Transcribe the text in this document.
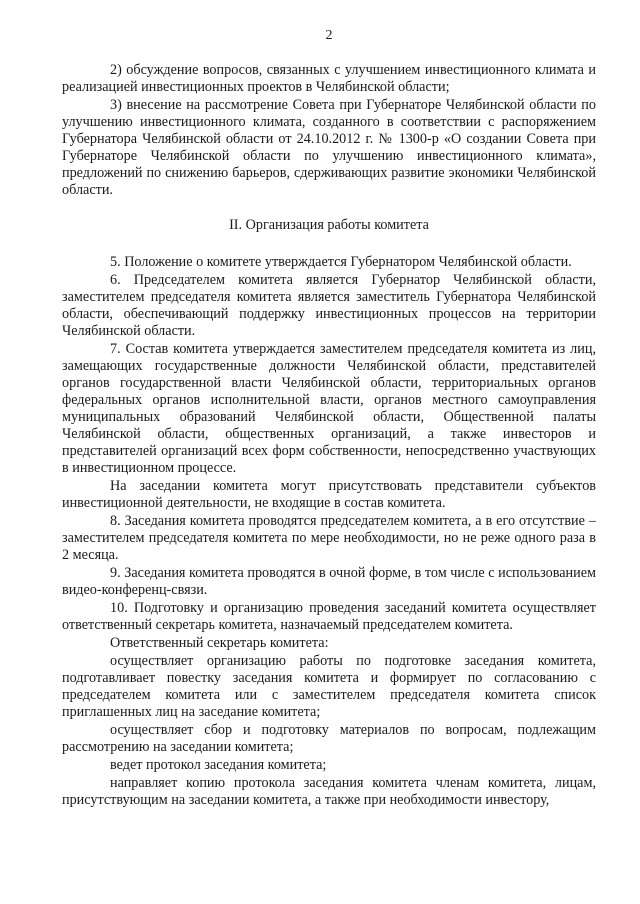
2

2) обсуждение вопросов, связанных с улучшением инвестиционного климата и реализацией инвестиционных проектов в Челябинской области;

3) внесение на рассмотрение Совета при Губернаторе Челябинской области по улучшению инвестиционного климата, созданного в соответствии с распоряжением Губернатора Челябинской области от 24.10.2012 г. № 1300-р «О создании Совета при Губернаторе Челябинской области по улучшению инвестиционного климата», предложений по снижению барьеров, сдерживающих развитие экономики Челябинской области.

II. Организация работы комитета

5. Положение о комитете утверждается Губернатором Челябинской области.

6. Председателем комитета является Губернатор Челябинской области, заместителем председателя комитета является заместитель Губернатора Челябинской области, обеспечивающий поддержку инвестиционных процессов на территории Челябинской области.

7. Состав комитета утверждается заместителем председателя комитета из лиц, замещающих государственные должности Челябинской области, представителей органов государственной власти Челябинской области, территориальных органов федеральных органов исполнительной власти, органов местного самоуправления муниципальных образований Челябинской области, Общественной палаты Челябинской области, общественных организаций, а также инвесторов и представителей организаций всех форм собственности, непосредственно участвующих в инвестиционном процессе.

На заседании комитета могут присутствовать представители субъектов инвестиционной деятельности, не входящие в состав комитета.

8. Заседания комитета проводятся председателем комитета, а в его отсутствие – заместителем председателя комитета по мере необходимости, но не реже одного раза в 2 месяца.

9. Заседания комитета проводятся в очной форме, в том числе с использованием видео-конференц-связи.

10. Подготовку и организацию проведения заседаний комитета осуществляет ответственный секретарь комитета, назначаемый председателем комитета.

Ответственный секретарь комитета:

осуществляет организацию работы по подготовке заседания комитета, подготавливает повестку заседания комитета и формирует по согласованию с председателем комитета или с заместителем председателя комитета список приглашенных лиц на заседание комитета;

осуществляет сбор и подготовку материалов по вопросам, подлежащим рассмотрению на заседании комитета;

ведет протокол заседания комитета;

направляет копию протокола заседания комитета членам комитета, лицам, присутствующим на заседании комитета, а также при необходимости инвестору,
